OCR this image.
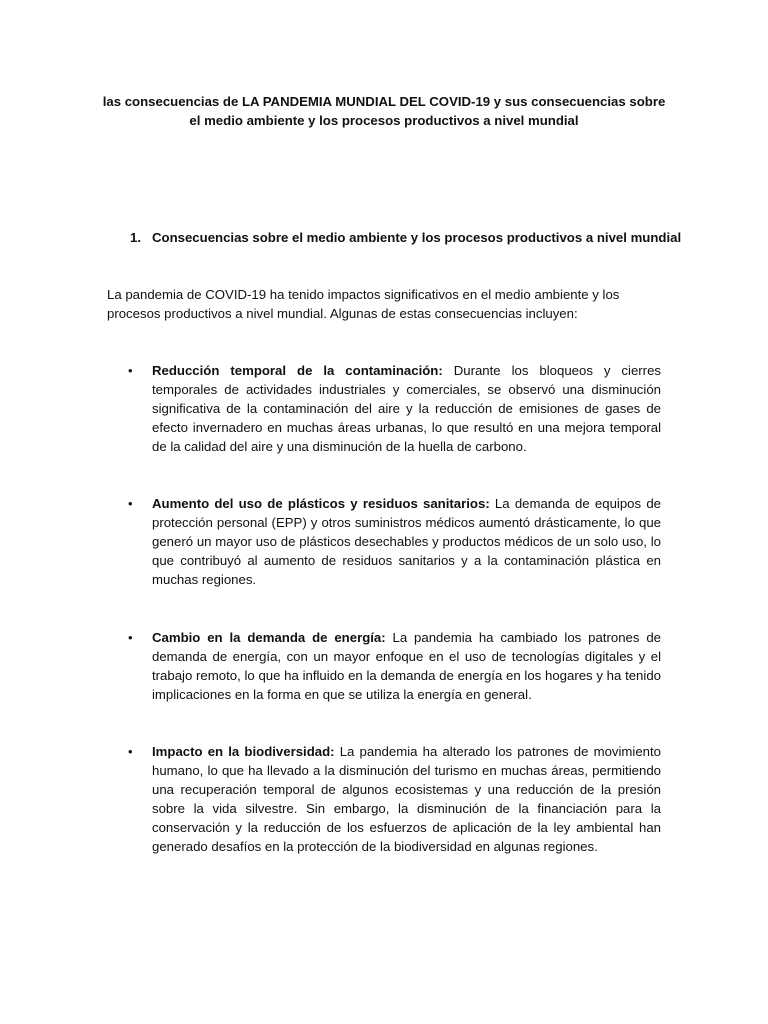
las consecuencias de LA PANDEMIA MUNDIAL DEL COVID-19 y sus consecuencias sobre el medio ambiente y los procesos productivos a nivel mundial
1. Consecuencias sobre el medio ambiente y los procesos productivos a nivel mundial

La pandemia de COVID-19 ha tenido impactos significativos en el medio ambiente y los procesos productivos a nivel mundial. Algunas de estas consecuencias incluyen:

• Reducción temporal de la contaminación: Durante los bloqueos y cierres temporales de actividades industriales y comerciales, se observó una disminución significativa de la contaminación del aire y la reducción de emisiones de gases de efecto invernadero en muchas áreas urbanas, lo que resultó en una mejora temporal de la calidad del aire y una disminución de la huella de carbono.
• Aumento del uso de plásticos y residuos sanitarios: La demanda de equipos de protección personal (EPP) y otros suministros médicos aumentó drásticamente, lo que generó un mayor uso de plásticos desechables y productos médicos de un solo uso, lo que contribuyó al aumento de residuos sanitarios y a la contaminación plástica en muchas regiones.
• Cambio en la demanda de energía: La pandemia ha cambiado los patrones de demanda de energía, con un mayor enfoque en el uso de tecnologías digitales y el trabajo remoto, lo que ha influido en la demanda de energía en los hogares y ha tenido implicaciones en la forma en que se utiliza la energía en general.
• Impacto en la biodiversidad: La pandemia ha alterado los patrones de movimiento humano, lo que ha llevado a la disminución del turismo en muchas áreas, permitiendo una recuperación temporal de algunos ecosistemas y una reducción de la presión sobre la vida silvestre. Sin embargo, la disminución de la financiación para la conservación y la reducción de los esfuerzos de aplicación de la ley ambiental han generado desafíos en la protección de la biodiversidad en algunas regiones.
